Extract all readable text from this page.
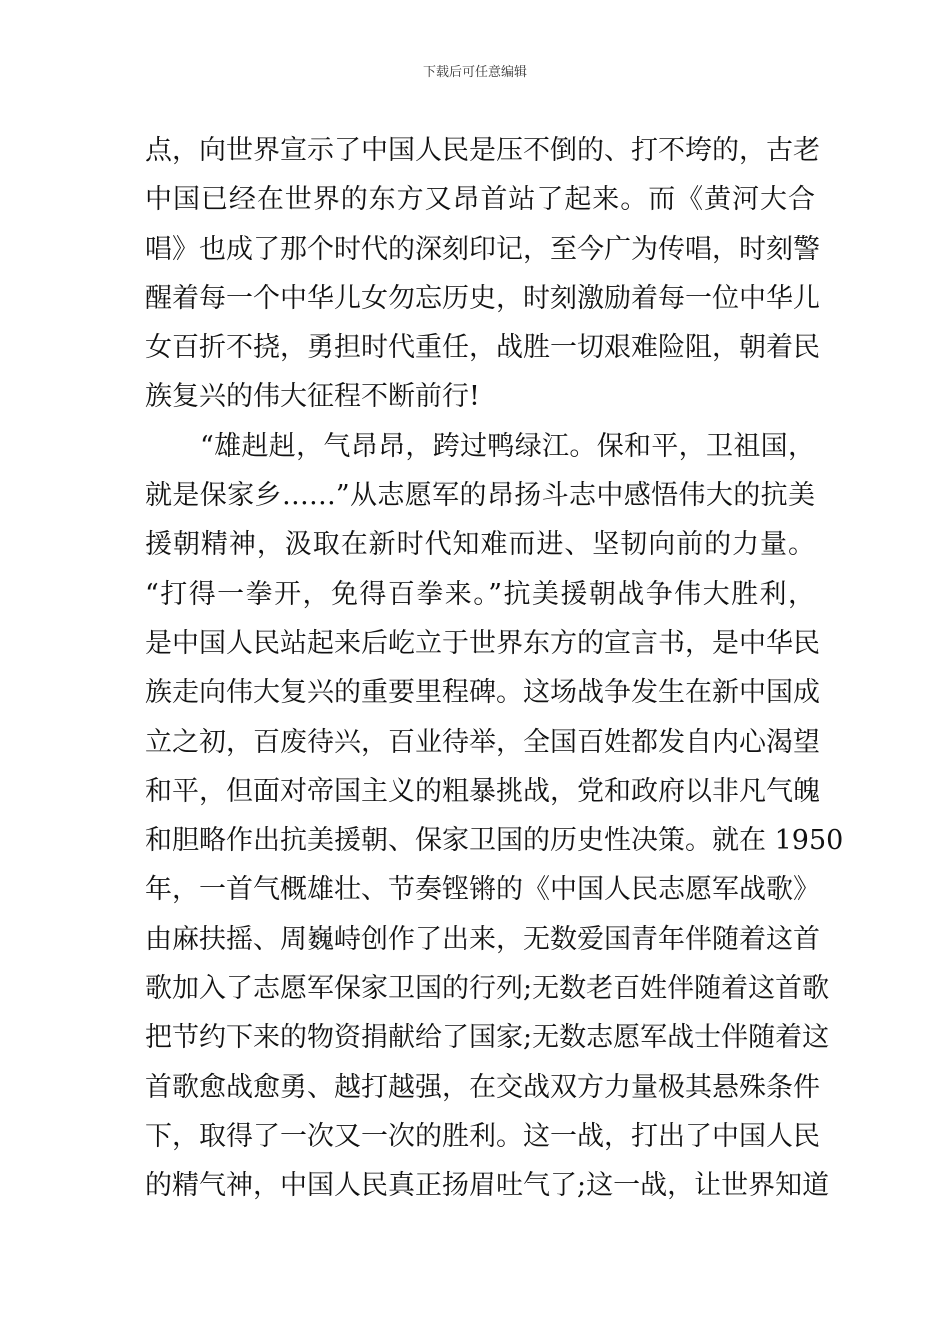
下载后可任意编辑
点，向世界宣示了中国人民是压不倒的、打不垮的，古老
中国已经在世界的东方又昂首站了起来。而《黄河大合
唱》也成了那个时代的深刻印记，至今广为传唱，时刻警
醒着每一个中华儿女勿忘历史，时刻激励着每一位中华儿
女百折不挠，勇担时代重任，战胜一切艰难险阻，朝着民
族复兴的伟大征程不断前行!
“雄赳赳，气昂昂，跨过鸭绿江。保和平，卫祖国，
就是保家乡……”从志愿军的昂扬斗志中感悟伟大的抗美
援朝精神，汲取在新时代知难而进、坚韧向前的力量。
“打得一拳开，免得百拳来。”抗美援朝战争伟大胜利，
是中国人民站起来后屹立于世界东方的宣言书，是中华民
族走向伟大复兴的重要里程碑。这场战争发生在新中国成
立之初，百废待兴，百业待举，全国百姓都发自内心渴望
和平，但面对帝国主义的粗暴挑战，党和政府以非凡气魄
和胆略作出抗美援朝、保家卫国的历史性决策。就在 1950
年，一首气概雄壮、节奏铿锵的《中国人民志愿军战歌》
由麻扶摇、周巍峙创作了出来，无数爱国青年伴随着这首
歌加入了志愿军保家卫国的行列;无数老百姓伴随着这首歌
把节约下来的物资捐献给了国家;无数志愿军战士伴随着这
首歌愈战愈勇、越打越强，在交战双方力量极其悬殊条件
下，取得了一次又一次的胜利。这一战，打出了中国人民
的精气神，中国人民真正扬眉吐气了;这一战，让世界知道
